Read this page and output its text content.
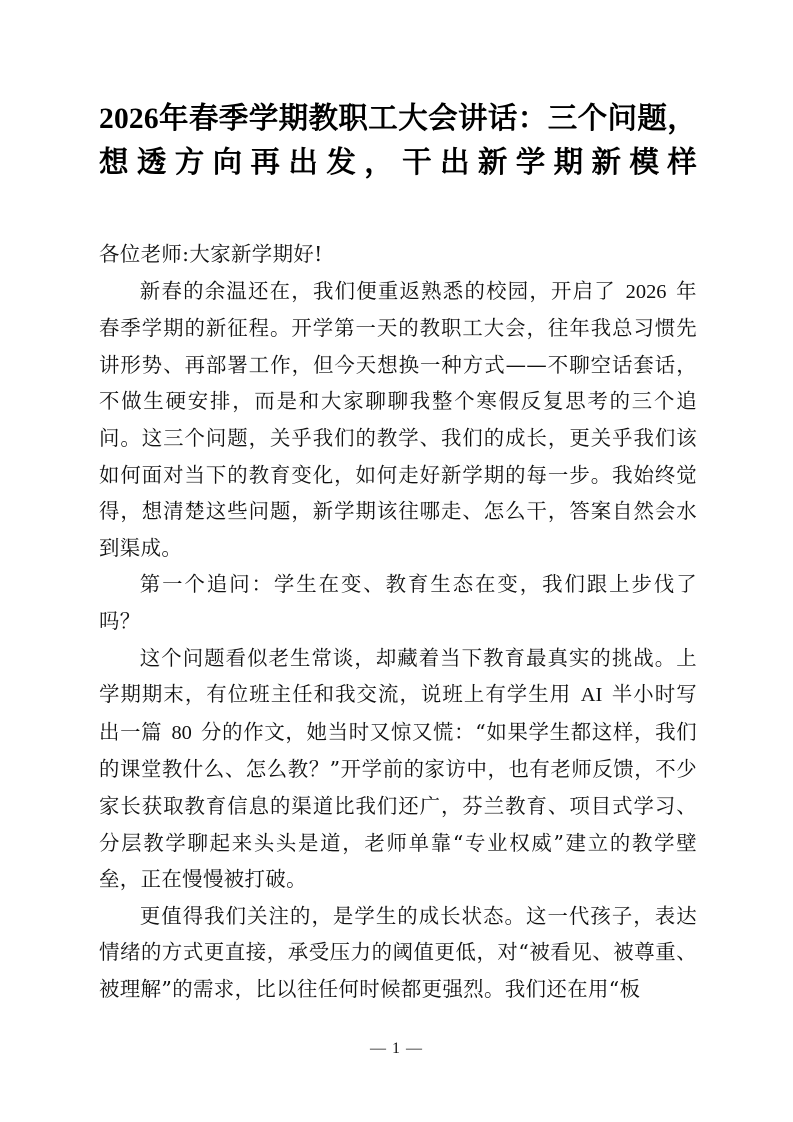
2026年春季学期教职工大会讲话：三个问题，想透方向再出发，干出新学期新模样

各位老师:大家新学期好!

新春的余温还在，我们便重返熟悉的校园，开启了 2026 年春季学期的新征程。开学第一天的教职工大会，往年我总习惯先讲形势、再部署工作，但今天想换一种方式——不聊空话套话，不做生硬安排，而是和大家聊聊我整个寒假反复思考的三个追问。这三个问题，关乎我们的教学、我们的成长，更关乎我们该如何面对当下的教育变化，如何走好新学期的每一步。我始终觉得，想清楚这些问题，新学期该往哪走、怎么干，答案自然会水到渠成。

第一个追问：学生在变、教育生态在变，我们跟上步伐了吗？

这个问题看似老生常谈，却藏着当下教育最真实的挑战。上学期期末，有位班主任和我交流，说班上有学生用 AI 半小时写出一篇 80 分的作文，她当时又惊又慌：“如果学生都这样，我们的课堂教什么、怎么教？”开学前的家访中，也有老师反馈，不少家长获取教育信息的渠道比我们还广，芬兰教育、项目式学习、分层教学聊起来头头是道，老师单靠“专业权威”建立的教学壁垒，正在慢慢被打破。

更值得我们关注的，是学生的成长状态。这一代孩子，表达情绪的方式更直接，承受压力的阈值更低，对“被看见、被尊重、被理解”的需求，比以往任何时候都更强烈。我们还在用“板

— 1 —
